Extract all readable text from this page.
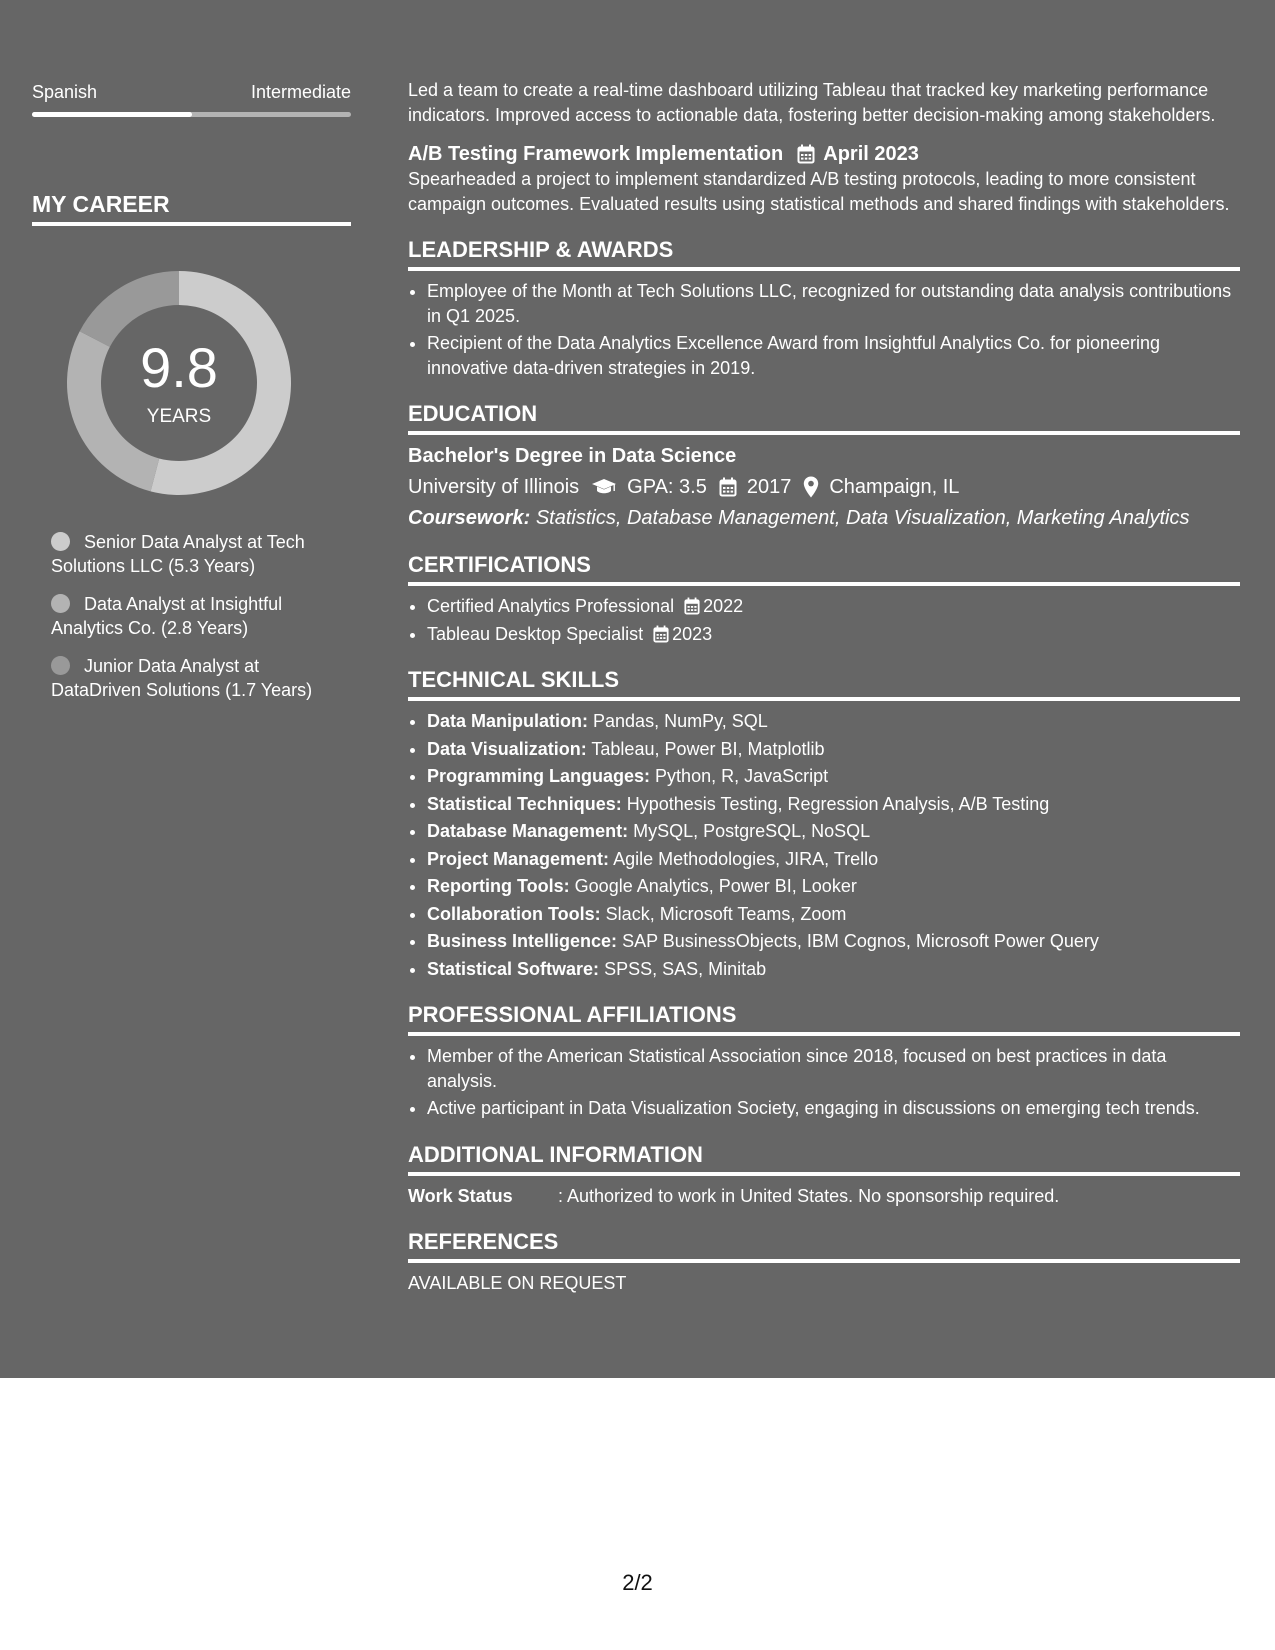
Spanish	Intermediate
MY CAREER
9.8
YEARS
Senior Data Analyst at Tech Solutions LLC (5.3 Years)
Data Analyst at Insightful Analytics Co. (2.8 Years)
Junior Data Analyst at DataDriven Solutions (1.7 Years)

Led a team to create a real-time dashboard utilizing Tableau that tracked key marketing performance indicators. Improved access to actionable data, fostering better decision-making among stakeholders.

A/B Testing Framework Implementation April 2023

Spearheaded a project to implement standardized A/B testing protocols, leading to more consistent campaign outcomes. Evaluated results using statistical methods and shared findings with stakeholders.

LEADERSHIP & AWARDS
• Employee of the Month at Tech Solutions LLC, recognized for outstanding data analysis contributions in Q1 2025.
• Recipient of the Data Analytics Excellence Award from Insightful Analytics Co. for pioneering innovative data-driven strategies in 2019.
EDUCATION
Bachelor's Degree in Data Science
University of Illinois GPA: 3.5 2017 Champaign, IL
Coursework: Statistics, Database Management, Data Visualization, Marketing Analytics
CERTIFICATIONS
• Certified Analytics Professional 2022
• Tableau Desktop Specialist 2023
TECHNICAL SKILLS
• Data Manipulation: Pandas, NumPy, SQL
• Data Visualization: Tableau, Power BI, Matplotlib
• Programming Languages: Python, R, JavaScript
• Statistical Techniques: Hypothesis Testing, Regression Analysis, A/B Testing
• Database Management: MySQL, PostgreSQL, NoSQL
• Project Management: Agile Methodologies, JIRA, Trello
• Reporting Tools: Google Analytics, Power BI, Looker
• Collaboration Tools: Slack, Microsoft Teams, Zoom
• Business Intelligence: SAP BusinessObjects, IBM Cognos, Microsoft Power Query
• Statistical Software: SPSS, SAS, Minitab
PROFESSIONAL AFFILIATIONS
• Member of the American Statistical Association since 2018, focused on best practices in data analysis.
• Active participant in Data Visualization Society, engaging in discussions on emerging tech trends.
ADDITIONAL INFORMATION
Work Status	: Authorized to work in United States. No sponsorship required.
REFERENCES

AVAILABLE ON REQUEST

2/2
